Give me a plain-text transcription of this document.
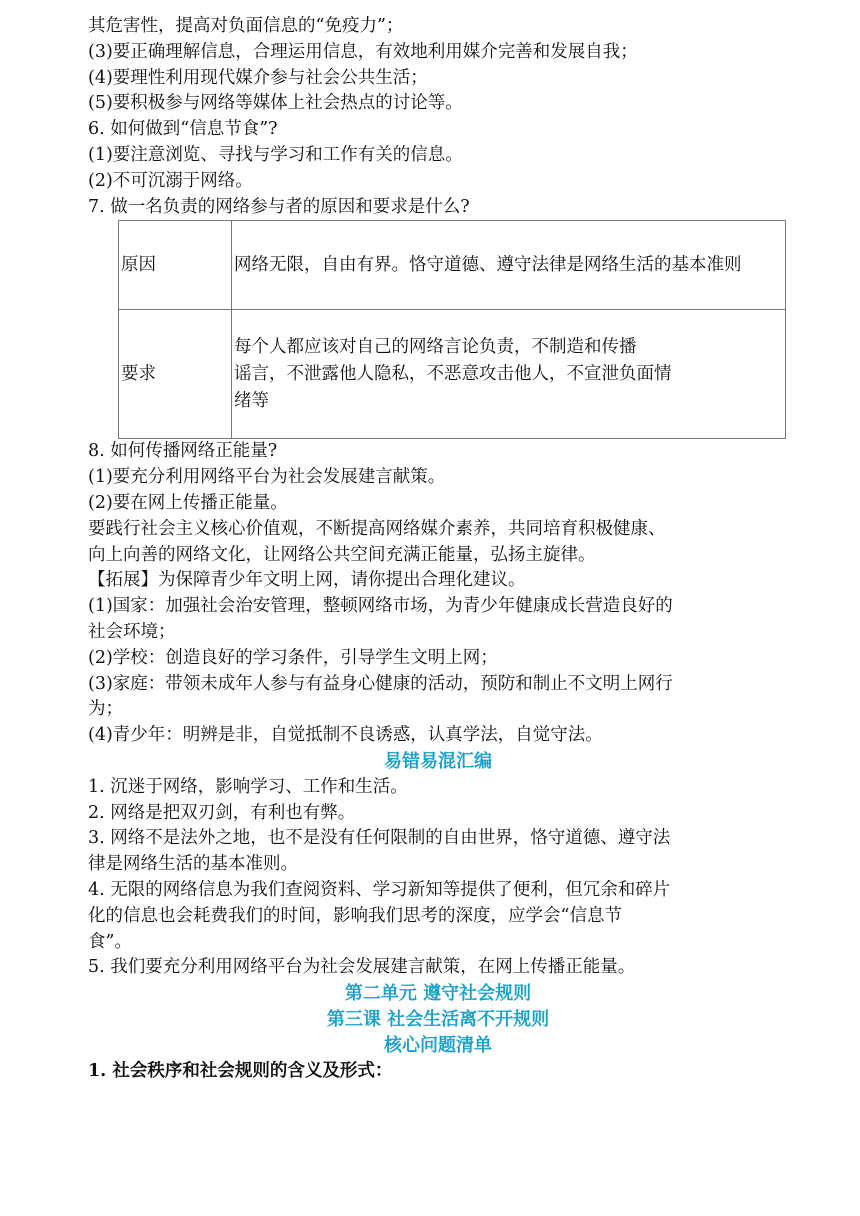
其危害性，提高对负面信息的“免疫力”；
(3)要正确理解信息，合理运用信息，有效地利用媒介完善和发展自我；
(4)要理性利用现代媒介参与社会公共生活；
(5)要积极参与网络等媒体上社会热点的讨论等。
6. 如何做到“信息节食”?
(1)要注意浏览、寻找与学习和工作有关的信息。
(2)不可沉溺于网络。
7. 做一名负责的网络参与者的原因和要求是什么?
原因	网络无限，自由有界。恪守道德、遵守法律是网络生活的基本准则
要求	每个人都应该对自己的网络言论负责，不制造和传播
谣言，不泄露他人隐私，不恶意攻击他人，不宣泄负面情
绪等
8. 如何传播网络正能量?
(1)要充分利用网络平台为社会发展建言献策。
(2)要在网上传播正能量。
要践行社会主义核心价值观，不断提高网络媒介素养，共同培育积极健康、
向上向善的网络文化，让网络公共空间充满正能量，弘扬主旋律。
【拓展】为保障青少年文明上网，请你提出合理化建议。
(1)国家：加强社会治安管理，整顿网络市场，为青少年健康成长营造良好的
社会环境；
(2)学校：创造良好的学习条件，引导学生文明上网；
(3)家庭：带领未成年人参与有益身心健康的活动，预防和制止不文明上网行
为；
(4)青少年：明辨是非，自觉抵制不良诱惑，认真学法，自觉守法。
易错易混汇编
1. 沉迷于网络，影响学习、工作和生活。
2. 网络是把双刃剑，有利也有弊。
3. 网络不是法外之地，也不是没有任何限制的自由世界，恪守道德、遵守法
律是网络生活的基本准则。
4. 无限的网络信息为我们查阅资料、学习新知等提供了便利，但冗余和碎片
化的信息也会耗费我们的时间，影响我们思考的深度，应学会“信息节
食”。
5. 我们要充分利用网络平台为社会发展建言献策，在网上传播正能量。
第二单元 遵守社会规则
第三课 社会生活离不开规则
核心问题清单
1. 社会秩序和社会规则的含义及形式：
